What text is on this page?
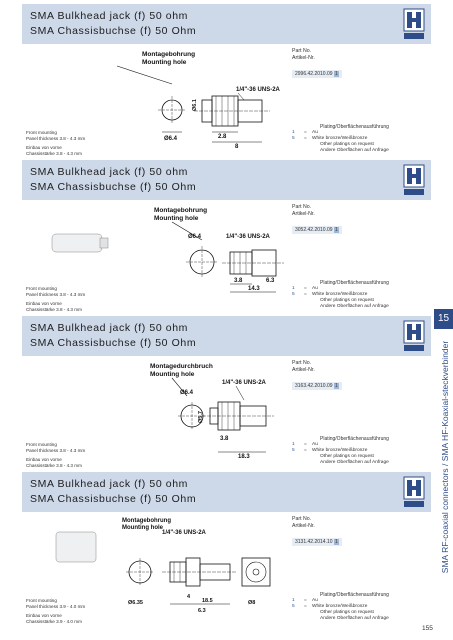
SMA Bulkhead jack (f) 50 ohm
SMA Chassisbuchse (f) 50 Ohm
Montagebohrung
Mounting hole
Ø6.4
1/4"-36 UNS-2A
2.8
8
Ø6.1
Part No.
Artikel-Nr.
2996.42.2010.09 1
Plating/Oberflächenausführung
1 = Au
5 = White bronze/Weißbronze
Other platings on request
Andere Oberflächen auf Anfrage
Front mounting
Panel thickness 3.8 - 4.3 mm
Einbau von vorne
Chassisstärke 3.8 - 4.3 mm
SMA Bulkhead jack (f) 50 ohm
SMA Chassisbuchse (f) 50 Ohm
Montagebohrung
Mounting hole
Ø6.4	1/4"-36 UNS-2A
3.8
14.3
6.3
Part No.
Artikel-Nr.
3052.42.2010.09 1
Plating/Oberflächenausführung
1 = Au
5 = White bronze/Weißbronze
Other platings on request
Andere Oberflächen auf Anfrage
Front mounting
Panel thickness 3.8 - 4.3 mm
Einbau von vorne
Chassisstärke 3.8 - 4.3 mm
SMA Bulkhead jack (f) 50 ohm
SMA Chassisbuchse (f) 50 Ohm
Montagedurchbruch
Mounting hole
Ø6.4
1/4"-36 UNS-2A
3.8
18.3
Ø5.7
Part No.
Artikel-Nr.
3163.42.2010.09 1
Plating/Oberflächenausführung
1 = Au
5 = White bronze/Weißbronze
Other platings on request
Andere Oberflächen auf Anfrage
Front mounting
Panel thickness 3.8 - 4.3 mm
Einbau von vorne
Chassisstärke 3.8 - 4.3 mm
SMA Bulkhead jack (f) 50 ohm
SMA Chassisbuchse (f) 50 Ohm
Montagebohrung
Mounting hole
Ø6.35
1/4"-36 UNS-2A
4
18.5
6.3
Ø8
Part No.
Artikel-Nr.
3131.42.2014.10 1
Plating/Oberflächenausführung
1 = Au
5 = White bronze/Weißbronze
Other platings on request
Andere Oberflächen auf Anfrage
Front mounting
Panel thickness 3.9 - 4.0 mm
Einbau von vorne
Chassisstärke 3.9 - 4.0 mm
15
SMA RF-coaxial connectors / SMA HF-Koaxial-steckverbinder
155
